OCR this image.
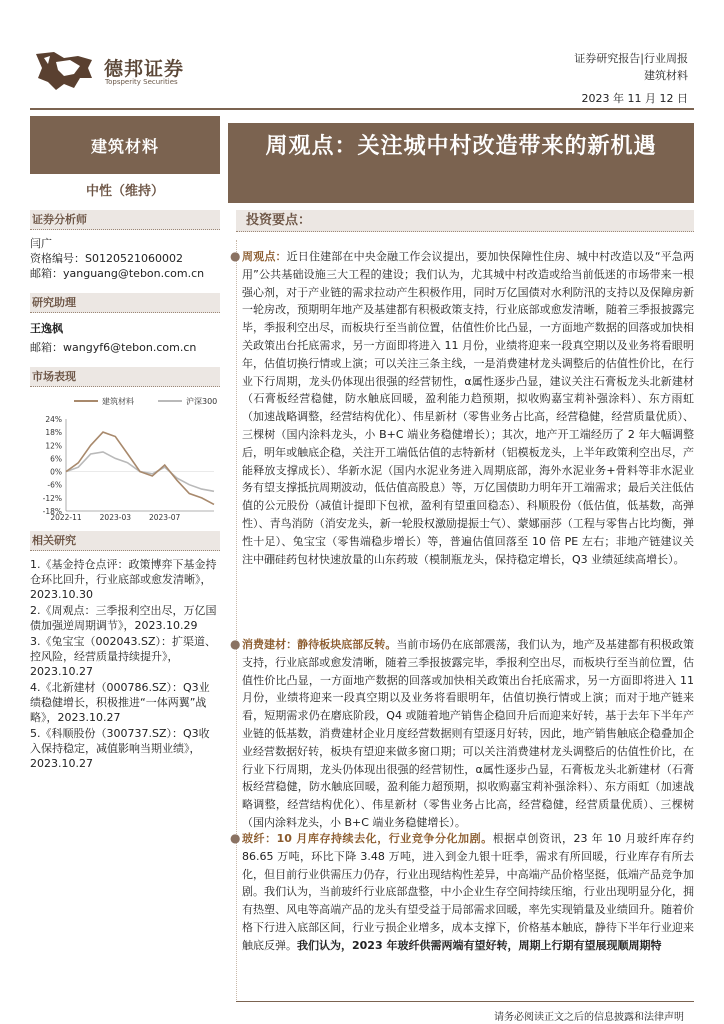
德邦证券
Topsperity Securities
证券研究报告|行业周报
建筑材料
2023 年 11 月 12 日
建筑材料
中性（维持）
证券分析师
闫广
资格编号：S0120521060002
邮箱：yanguang@tebon.com.cn
研究助理
王逸枫
邮箱：wangyf6@tebon.com.cn
市场表现
建筑材料	沪深300
24%
18%
12%
6%
0%
-6%
-12%
-18%
2022-11 2023-03 2023-07
相关研究
1.《基金持仓点评：政策博弈下基金持仓环比回升，行业底部或愈发清晰》，2023.10.30
2.《周观点：三季报利空出尽，万亿国债加强逆周期调节》，2023.10.29
3.《兔宝宝（002043.SZ）：扩渠道、控风险，经营质量持续提升》，2023.10.27
4.《北新建材（000786.SZ）：Q3业绩稳健增长，积极推进“一体两翼”战略》，2023.10.27
5.《科顺股份（300737.SZ）：Q3收入保持稳定，减值影响当期业绩》，2023.10.27
周观点：关注城中村改造带来的新机遇
投资要点：
● 周观点：近日住建部在中央金融工作会议提出，要加快保障性住房、城中村改造以及“平急两用”公共基础设施三大工程的建设；我们认为，尤其城中村改造或给当前低迷的市场带来一根强心剂，对于产业链的需求拉动产生积极作用，同时万亿国债对水利防汛的支持以及保障房新一轮房改，预期明年地产及基建都有积极政策支持，行业底部或愈发清晰，随着三季报披露完毕，季报利空出尽，而板块行至当前位置，估值性价比凸显，一方面地产数据的回落或加快相关政策出台托底需求，另一方面即将进入 11 月份，业绩将迎来一段真空期以及业务将看眼明年，估值切换行情或上演；可以关注三条主线，一是消费建材龙头调整后的估值性价比，在行业下行周期，龙头仍体现出很强的经营韧性，α属性逐步凸显，建议关注石膏板龙头北新建材（石膏板经营稳健，防水触底回暖，盈利能力趋预期，拟收购嘉宝莉补强涂料）、东方雨虹（加速战略调整，经营结构优化）、伟星新材（零售业务占比高，经营稳健，经营质量优质）、三棵树（国内涂料龙头，小 B+C 端业务稳健增长）；其次，地产开工端经历了 2 年大幅调整后，明年或触底企稳，关注开工端低估值的志特新材（铝模板龙头，上半年政策利空出尽，产能释放支撑成长）、华新水泥（国内水泥业务进入周期底部，海外水泥业务+骨料等非水泥业务有望支撑抵抗周期波动，低估值高股息）等，万亿国债助力明年开工端需求；最后关注低估值的公元股份（减值计提即下包袱，盈利有望重回稳态）、科顺股份（低估值，低基数，高弹性）、青鸟消防（消安龙头，新一轮股权激励提振士气）、蒙娜丽莎（工程与零售占比均衡，弹性十足）、兔宝宝（零售端稳步增长）等，普遍估值回落至 10 倍 PE 左右；非地产链建议关注中硼硅药包材快速放量的山东药玻（模制瓶龙头，保持稳定增长，Q3 业绩延续高增长）。
● 消费建材：静待板块底部反转。当前市场仍在底部震荡，我们认为，地产及基建都有积极政策支持，行业底部或愈发清晰，随着三季报披露完毕，季报利空出尽，而板块行至当前位置，估值性价比凸显，一方面地产数据的回落或加快相关政策出台托底需求，另一方面即将进入 11 月份，业绩将迎来一段真空期以及业务将看眼明年，估值切换行情或上演；而对于地产链来看，短期需求仍在磨底阶段，Q4 或随着地产销售企稳回升后而迎来好转，基于去年下半年产业链的低基数，消费建材企业月度经营数据则有望逐月好转，因此，地产销售触底企稳叠加企业经营数据好转，板块有望迎来做多窗口期；可以关注消费建材龙头调整后的估值性价比，在行业下行周期，龙头仍体现出很强的经营韧性，α属性逐步凸显，石膏板龙头北新建材（石膏板经营稳健，防水触底回暖，盈利能力超预期，拟收购嘉宝莉补强涂料）、东方雨虹（加速战略调整，经营结构优化）、伟星新材（零售业务占比高，经营稳健，经营质量优质）、三棵树（国内涂料龙头，小 B+C 端业务稳健增长）。
● 玻纤：10 月库存持续去化，行业竞争分化加剧。根据卓创资讯，23 年 10 月玻纤库存约 86.65 万吨，环比下降 3.48 万吨，进入到金九银十旺季，需求有所回暖，行业库存有所去化，但目前行业供需压力仍存，行业出现结构性差异，中高端产品价格坚挺，低端产品竞争加剧。我们认为，当前玻纤行业底部盘整，中小企业生存空间持续压缩，行业出现明显分化，拥有热塑、风电等高端产品的龙头有望受益于局部需求回暖，率先实现销量及业绩回升。随着价格下行进入底部区间，行业亏损企业增多，成本支撑下，价格基本触底，静待下半年行业迎来触底反弹。我们认为，2023 年玻纤供需两端有望好转，周期上行期有望展现顺周期特
请务必阅读正文之后的信息披露和法律声明
